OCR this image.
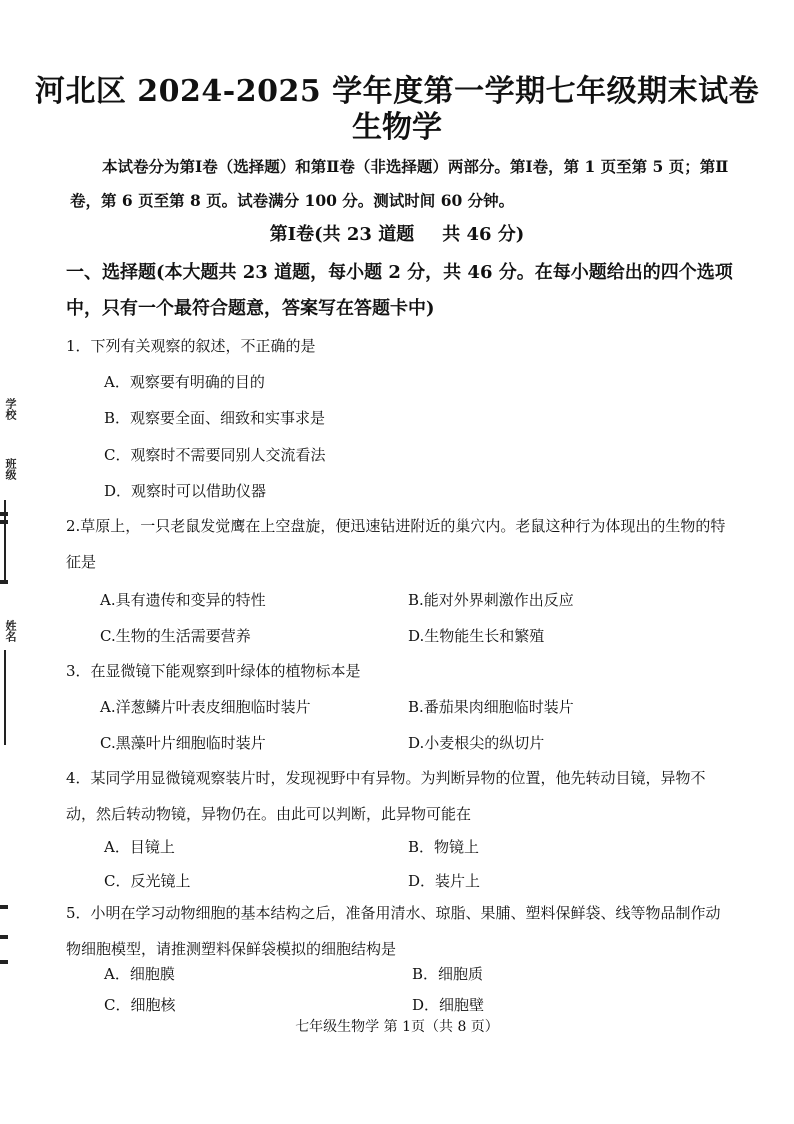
学校
班级
姓名
河北区 2024-2025 学年度第一学期七年级期末试卷
生物学
本试卷分为第Ⅰ卷（选择题）和第Ⅱ卷（非选择题）两部分。第Ⅰ卷，第 1 页至第 5 页；第Ⅱ卷，第 6 页至第 8 页。试卷满分 100 分。测试时间 60 分钟。
第Ⅰ卷(共 23 道题 共 46 分)
一、选择题(本大题共 23 道题，每小题 2 分，共 46 分。在每小题给出的四个选项中，只有一个最符合题意，答案写在答题卡中)
1．下列有关观察的叙述，不正确的是
A．观察要有明确的目的
B．观察要全面、细致和实事求是
C．观察时不需要同别人交流看法
D．观察时可以借助仪器
2.草原上，一只老鼠发觉鹰在上空盘旋，便迅速钻进附近的巢穴内。老鼠这种行为体现出的生物的特征是
A.具有遗传和变异的特性	B.能对外界刺激作出反应
C.生物的生活需要营养	D.生物能生长和繁殖
3．在显微镜下能观察到叶绿体的植物标本是
A.洋葱鳞片叶表皮细胞临时装片	B.番茄果肉细胞临时装片
C.黑藻叶片细胞临时装片	D.小麦根尖的纵切片
4．某同学用显微镜观察装片时，发现视野中有异物。为判断异物的位置，他先转动目镜，异物不动，然后转动物镜，异物仍在。由此可以判断，此异物可能在
A．目镜上	B．物镜上
C．反光镜上	D．装片上
5．小明在学习动物细胞的基本结构之后，准备用清水、琼脂、果脯、塑料保鲜袋、线等物品制作动物细胞模型，请推测塑料保鲜袋模拟的细胞结构是
A．细胞膜	B．细胞质
C．细胞核	D．细胞壁
七年级生物学 第 1页（共 8 页）
